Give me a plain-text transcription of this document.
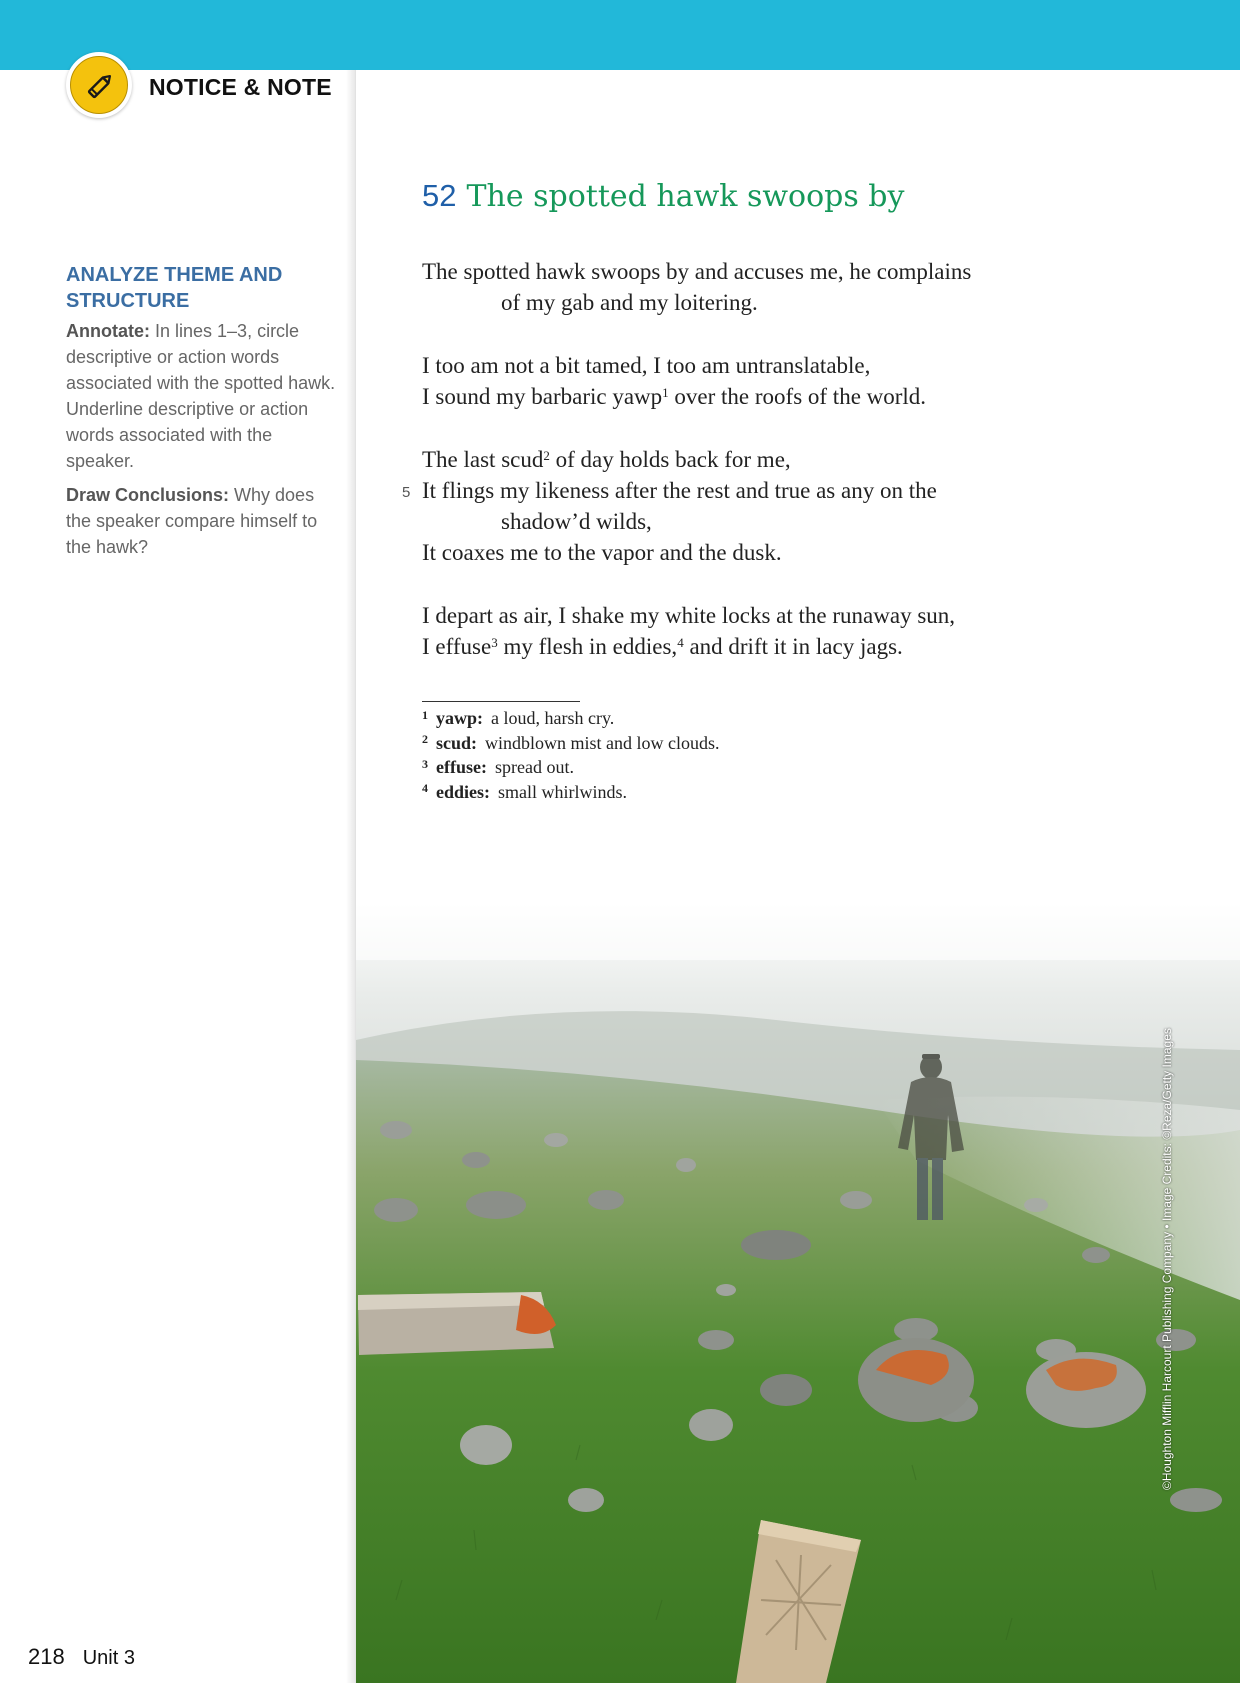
NOTICE & NOTE
ANALYZE THEME AND STRUCTURE

Annotate: In lines 1–3, circle descriptive or action words associated with the spotted hawk. Underline descriptive or action words associated with the speaker.

Draw Conclusions: Why does the speaker compare himself to the hawk?

52 The spotted hawk swoops by
The spotted hawk swoops by and accuses me, he complains
of my gab and my loitering.
I too am not a bit tamed, I too am untranslatable,
I sound my barbaric yawp$^1$ over the roofs of the world.
The last scud$^2$ of day holds back for me,
5 It flings my likeness after the rest and true as any on the
shadow’d wilds,
It coaxes me to the vapor and the dusk.
I depart as air, I shake my white locks at the runaway sun,
I effuse$^3$ my flesh in eddies,$^4$ and drift it in lacy jags.
1 yawp: a loud, harsh cry.
2 scud: windblown mist and low clouds.
3 effuse: spread out.
4 eddies: small whirlwinds.
©Houghton Mifflin Harcourt Publishing Company • Image Credits: ©Reza/Getty Images
218 Unit 3
